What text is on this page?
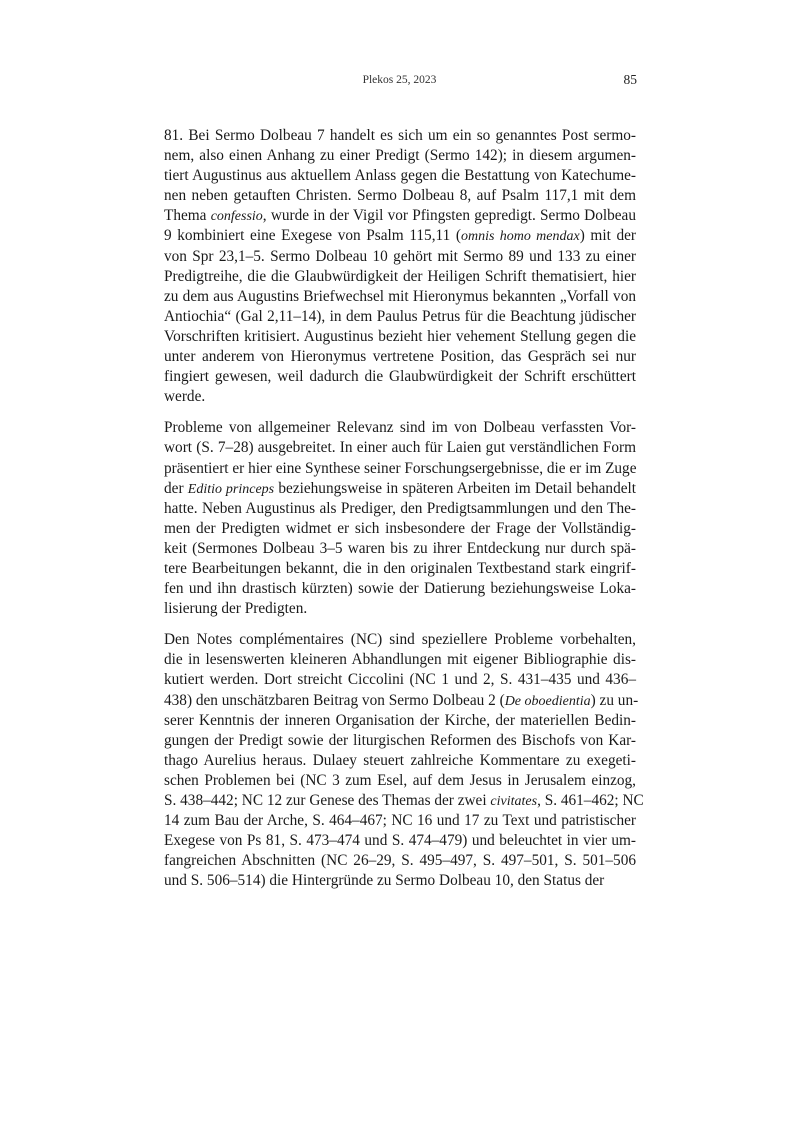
Plekos 25, 2023	85
81. Bei Sermo Dolbeau 7 handelt es sich um ein so genanntes Post sermo-
nem, also einen Anhang zu einer Predigt (Sermo 142); in diesem argumen-
tiert Augustinus aus aktuellem Anlass gegen die Bestattung von Katechume-
nen neben getauften Christen. Sermo Dolbeau 8, auf Psalm 117,1 mit dem
Thema confessio, wurde in der Vigil vor Pfingsten gepredigt. Sermo Dolbeau
9 kombiniert eine Exegese von Psalm 115,11 (omnis homo mendax) mit der
von Spr 23,1–5. Sermo Dolbeau 10 gehört mit Sermo 89 und 133 zu einer
Predigtreihe, die die Glaubwürdigkeit der Heiligen Schrift thematisiert, hier
zu dem aus Augustins Briefwechsel mit Hieronymus bekannten „Vorfall von
Antiochia“ (Gal 2,11–14), in dem Paulus Petrus für die Beachtung jüdischer
Vorschriften kritisiert. Augustinus bezieht hier vehement Stellung gegen die
unter anderem von Hieronymus vertretene Position, das Gespräch sei nur
fingiert gewesen, weil dadurch die Glaubwürdigkeit der Schrift erschüttert
werde.
Probleme von allgemeiner Relevanz sind im von Dolbeau verfassten Vor-
wort (S. 7–28) ausgebreitet. In einer auch für Laien gut verständlichen Form
präsentiert er hier eine Synthese seiner Forschungsergebnisse, die er im Zuge
der Editio princeps beziehungsweise in späteren Arbeiten im Detail behandelt
hatte. Neben Augustinus als Prediger, den Predigtsammlungen und den The-
men der Predigten widmet er sich insbesondere der Frage der Vollständig-
keit (Sermones Dolbeau 3–5 waren bis zu ihrer Entdeckung nur durch spä-
tere Bearbeitungen bekannt, die in den originalen Textbestand stark eingrif-
fen und ihn drastisch kürzten) sowie der Datierung beziehungsweise Loka-
lisierung der Predigten.
Den Notes complémentaires (NC) sind speziellere Probleme vorbehalten,
die in lesenswerten kleineren Abhandlungen mit eigener Bibliographie dis-
kutiert werden. Dort streicht Ciccolini (NC 1 und 2, S. 431–435 und 436–
438) den unschätzbaren Beitrag von Sermo Dolbeau 2 (De oboedientia) zu un-
serer Kenntnis der inneren Organisation der Kirche, der materiellen Bedin-
gungen der Predigt sowie der liturgischen Reformen des Bischofs von Kar-
thago Aurelius heraus. Dulaey steuert zahlreiche Kommentare zu exegeti-
schen Problemen bei (NC 3 zum Esel, auf dem Jesus in Jerusalem einzog,
S. 438–442; NC 12 zur Genese des Themas der zwei civitates, S. 461–462; NC
14 zum Bau der Arche, S. 464–467; NC 16 und 17 zu Text und patristischer
Exegese von Ps 81, S. 473–474 und S. 474–479) und beleuchtet in vier um-
fangreichen Abschnitten (NC 26–29, S. 495–497, S. 497–501, S. 501–506
und S. 506–514) die Hintergründe zu Sermo Dolbeau 10, den Status der
